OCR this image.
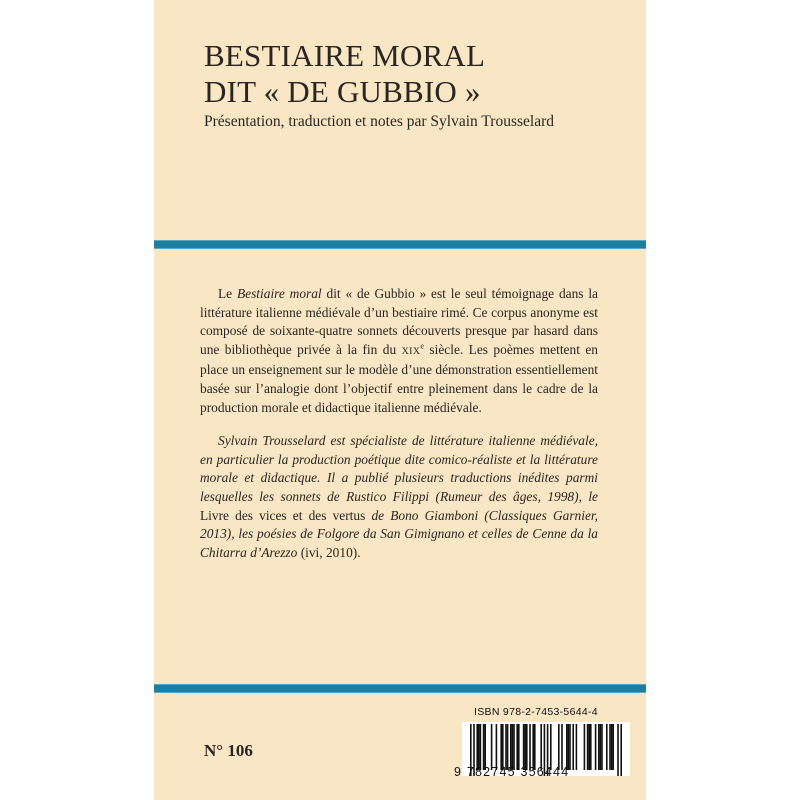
BESTIAIRE MORAL
DIT « DE GUBBIO »

Présentation, traduction et notes par Sylvain Trousselard

Le Bestiaire moral dit « de Gubbio » est le seul témoignage dans la littérature italienne médiévale d’un bestiaire rimé. Ce corpus anonyme est composé de soixante-quatre sonnets découverts presque par hasard dans une bibliothèque privée à la fin du XIXe siècle. Les poèmes mettent en place un enseignement sur le modèle d’une démonstration essentiellement basée sur l’analogie dont l’objectif entre pleinement dans le cadre de la production morale et didactique italienne médiévale.

Sylvain Trousselard est spécialiste de littérature italienne médiévale, en particulier la production poétique dite comico-réaliste et la littérature morale et didactique. Il a publié plusieurs traductions inédites parmi lesquelles les sonnets de Rustico Filippi (Rumeur des âges, 1998), le Livre des vices et des vertus de Bono Giamboni (Classiques Garnier, 2013), les poésies de Folgore da San Gimignano et celles de Cenne da la Chitarra d’Arezzo (ivi, 2010).

N° 106

ISBN 978-2-7453-5644-4

9 782745 356444
